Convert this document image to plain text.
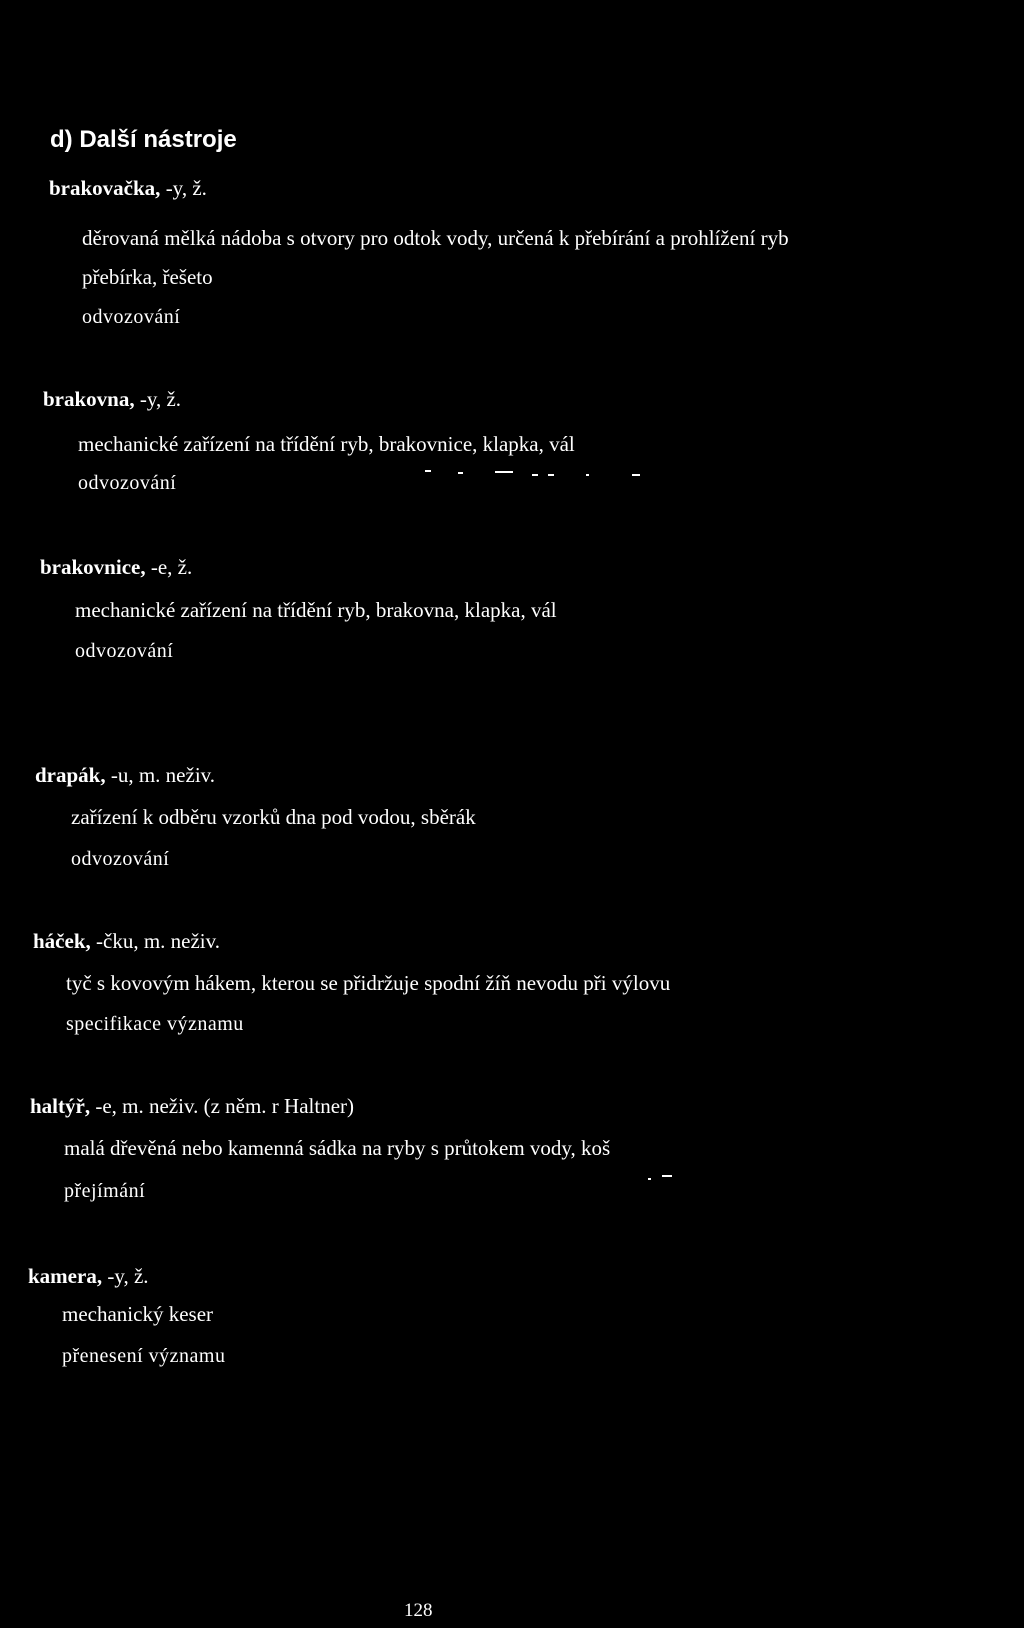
d) Další nástroje
brakovačka, -y, ž.
děrovaná mělká nádoba s otvory pro odtok vody, určená k přebírání a prohlížení ryb
přebírka, řešeto
odvozování
brakovna, -y, ž.
mechanické zařízení na třídění ryb, brakovnice, klapka, vál
odvozování
brakovnice, -e, ž.
mechanické zařízení na třídění ryb, brakovna, klapka, vál
odvozování
drapák, -u, m. neživ.
zařízení k odběru vzorků dna pod vodou, sběrák
odvozování
háček, -čku, m. neživ.
tyč s kovovým hákem, kterou se přidržuje spodní žíň nevodu při výlovu
specifikace významu
haltýř, -e, m. neživ. (z něm. r Haltner)
malá dřevěná nebo kamenná sádka na ryby s průtokem vody, koš
přejímání
kamera, -y, ž.
mechanický keser
přenesení významu
128
